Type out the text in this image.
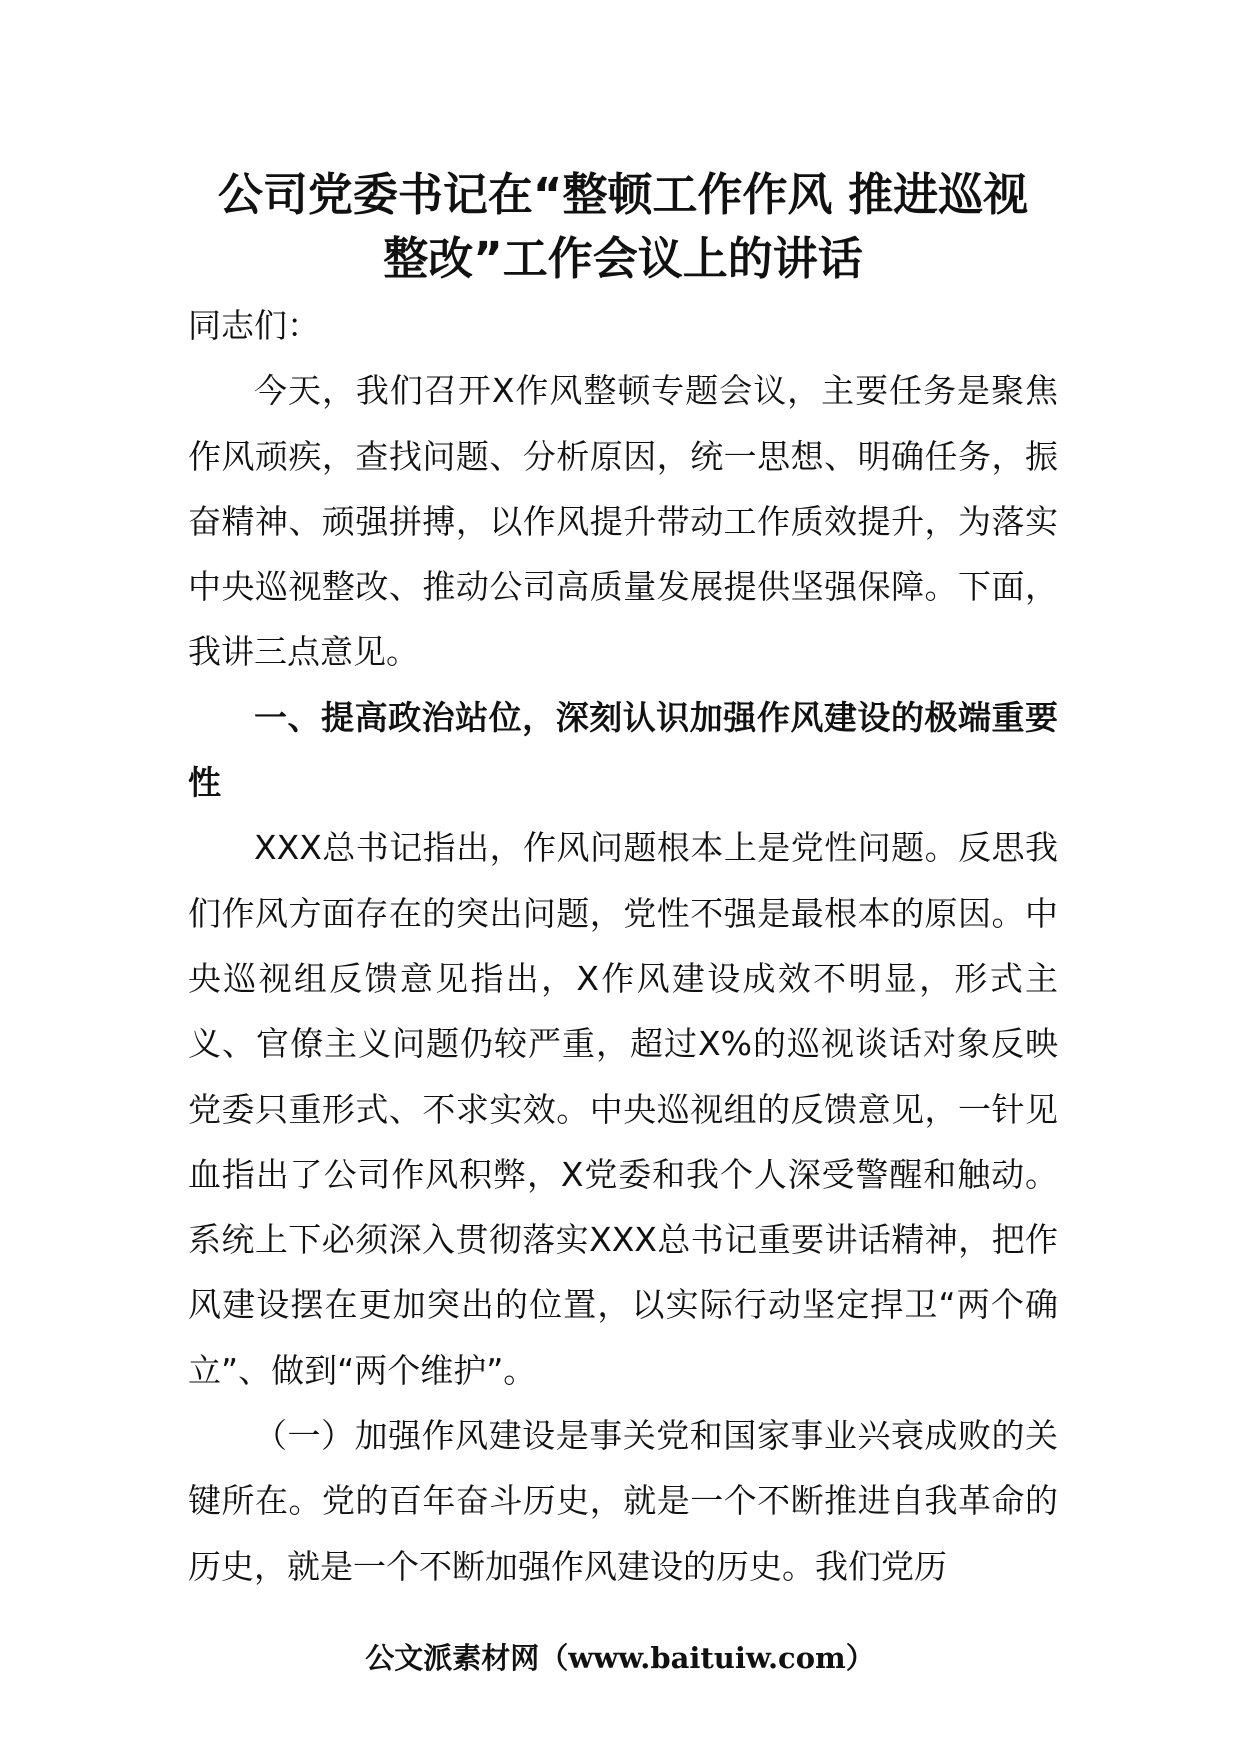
公司党委书记在“整顿工作作风 推进巡视
整改”工作会议上的讲话

同志们：

今天，我们召开X作风整顿专题会议，主要任务是聚焦作风顽疾，查找问题、分析原因，统一思想、明确任务，振奋精神、顽强拼搏，以作风提升带动工作质效提升，为落实中央巡视整改、推动公司高质量发展提供坚强保障。下面，我讲三点意见。

一、提高政治站位，深刻认识加强作风建设的极端重要性

XXX总书记指出，作风问题根本上是党性问题。反思我们作风方面存在的突出问题，党性不强是最根本的原因。中央巡视组反馈意见指出，X作风建设成效不明显，形式主义、官僚主义问题仍较严重，超过X%的巡视谈话对象反映党委只重形式、不求实效。中央巡视组的反馈意见，一针见血指出了公司作风积弊，X党委和我个人深受警醒和触动。系统上下必须深入贯彻落实XXX总书记重要讲话精神，把作风建设摆在更加突出的位置，以实际行动坚定捍卫“两个确立”、做到“两个维护”。

（一）加强作风建设是事关党和国家事业兴衰成败的关键所在。党的百年奋斗历史，就是一个不断推进自我革命的历史，就是一个不断加强作风建设的历史。我们党历

公文派素材网（www.baituiw.com）
